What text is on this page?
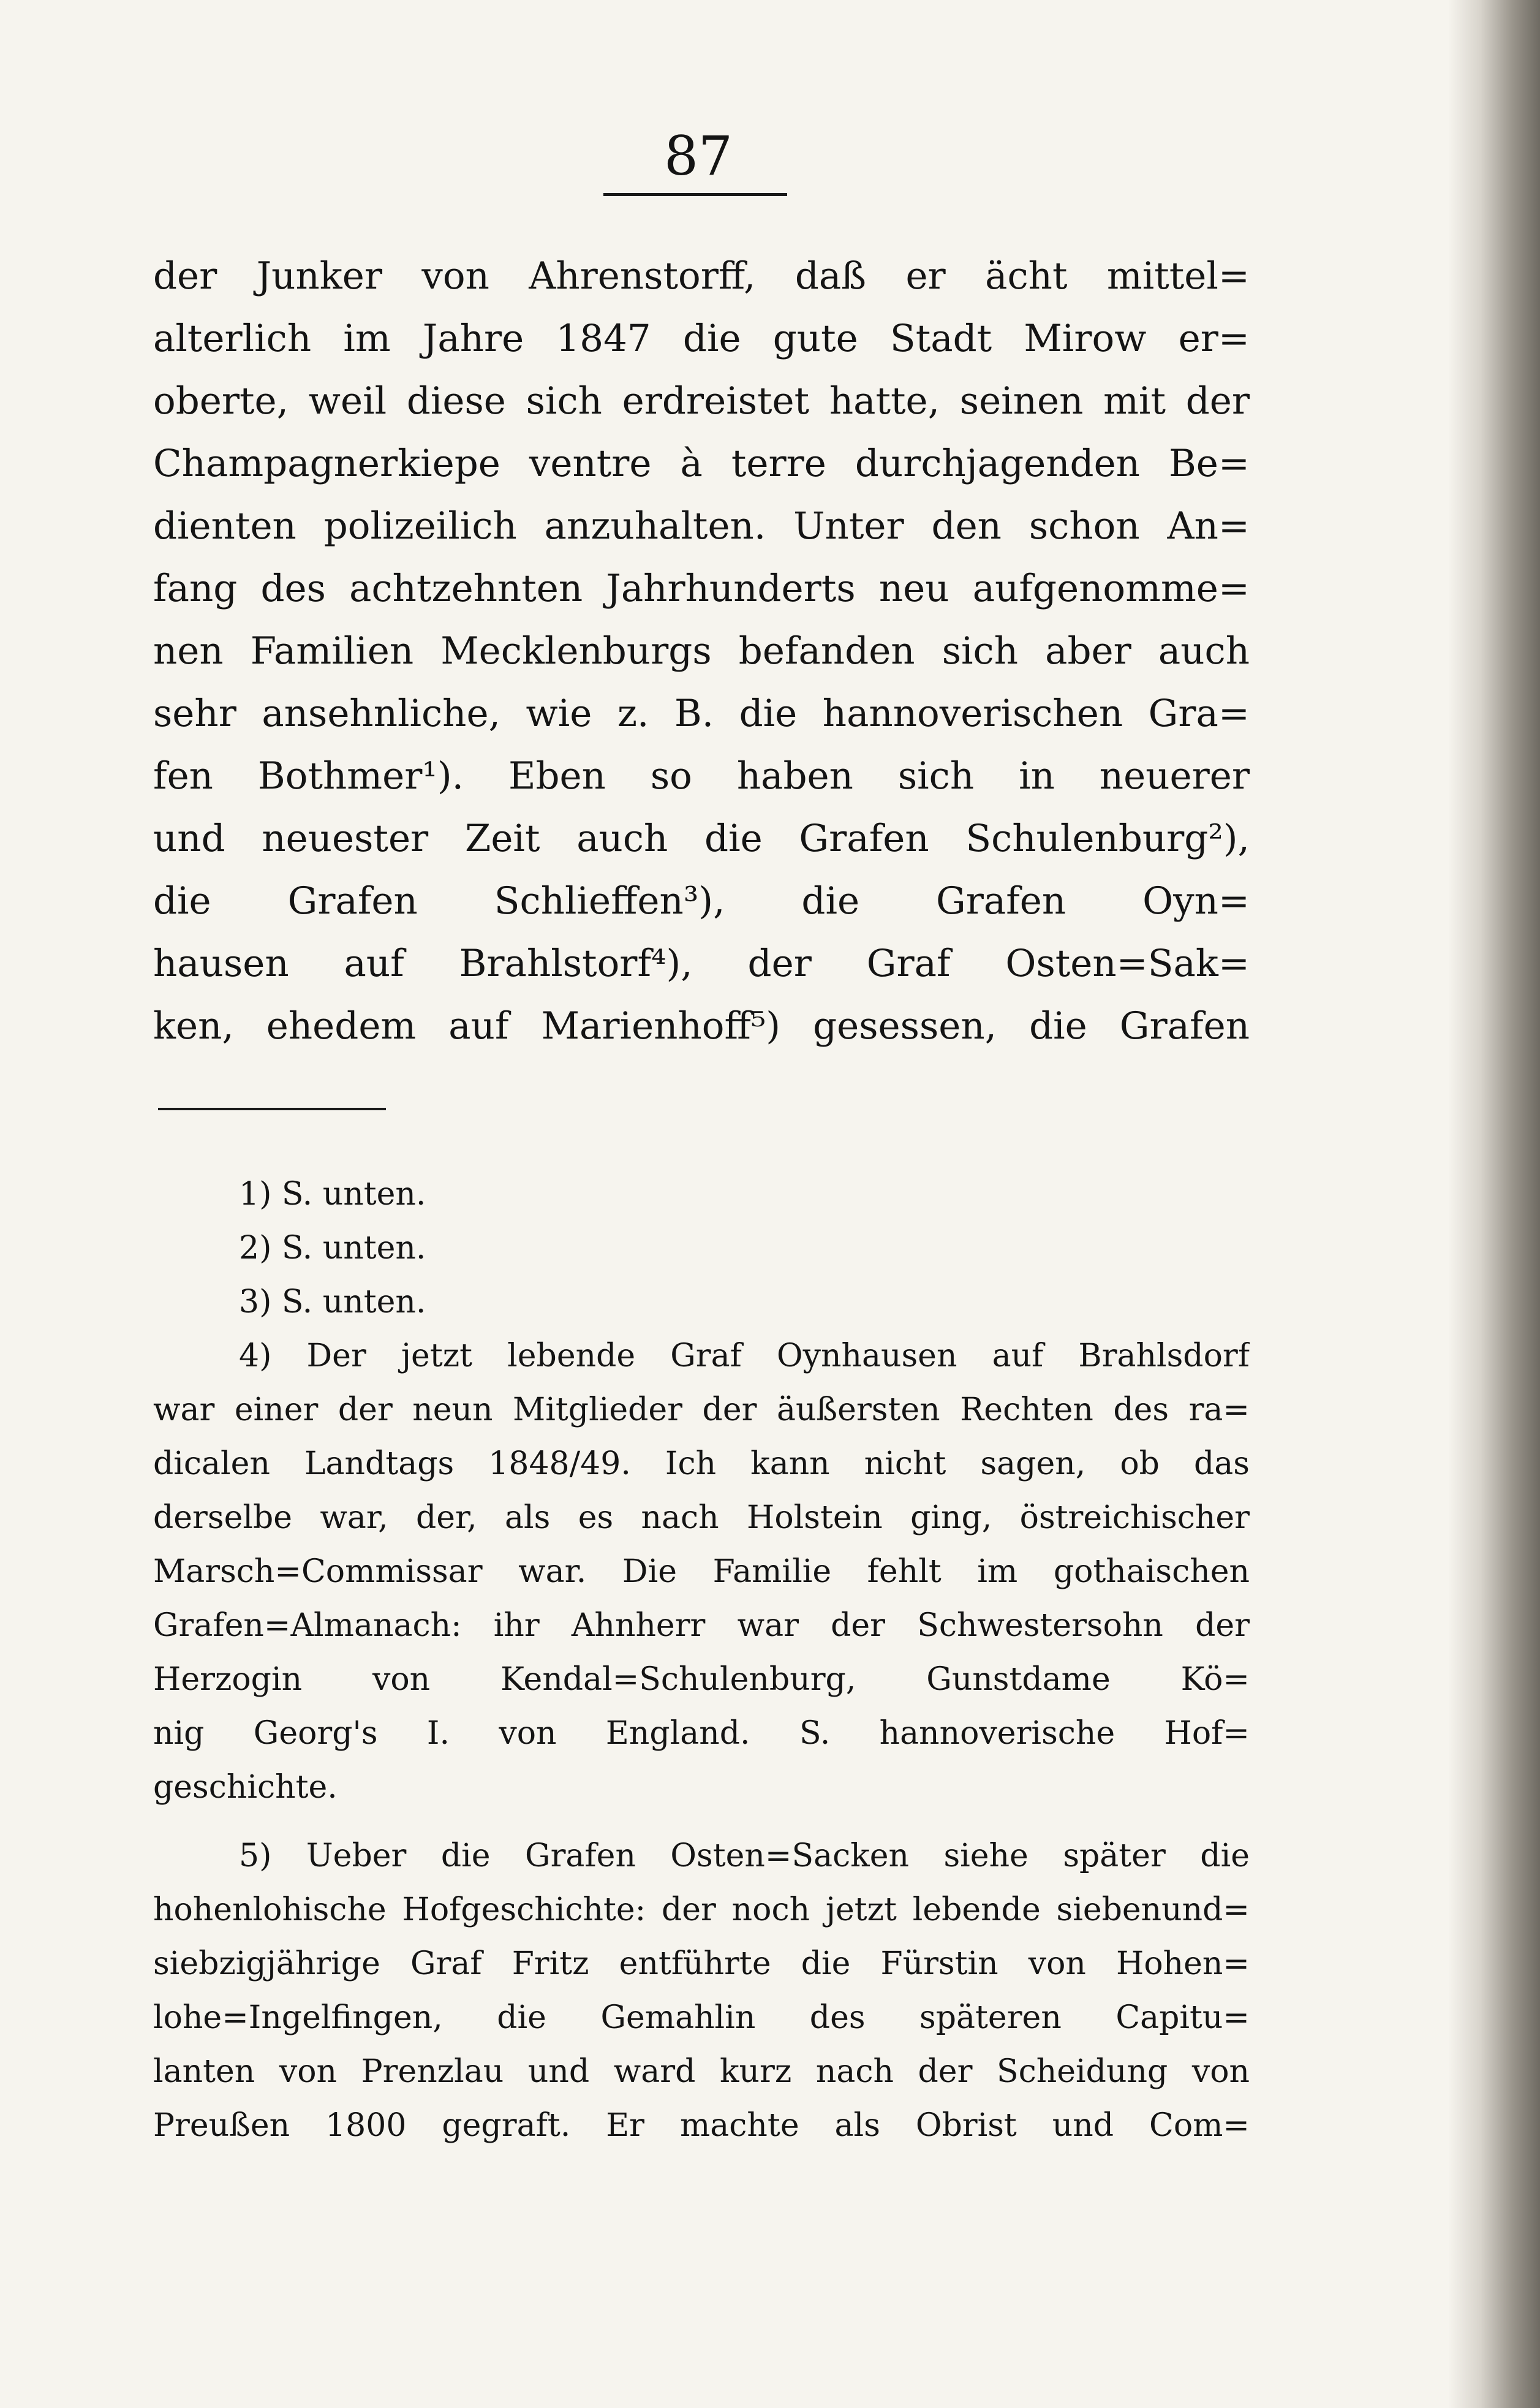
87
der Junker von Ahrenstorff, daß er ächt mittel=
alterlich im Jahre 1847 die gute Stadt Mirow er=
oberte, weil diese sich erdreistet hatte, seinen mit der
Champagnerkiepe ventre à terre durchjagenden Be=
dienten polizeilich anzuhalten. Unter den schon An=
fang des achtzehnten Jahrhunderts neu aufgenomme=
nen Familien Mecklenburgs befanden sich aber auch
sehr ansehnliche, wie z. B. die hannoverischen Gra=
fen Bothmer¹). Eben so haben sich in neuerer
und neuester Zeit auch die Grafen Schulenburg²),
die Grafen Schlieffen³), die Grafen Oyn=
hausen auf Brahlstorf⁴), der Graf Osten=Sak=
ken, ehedem auf Marienhoff⁵) gesessen, die Grafen
1) S. unten.
2) S. unten.
3) S. unten.
4) Der jetzt lebende Graf Oynhausen auf Brahlsdorf
war einer der neun Mitglieder der äußersten Rechten des ra=
dicalen Landtags 1848/49. Ich kann nicht sagen, ob das
derselbe war, der, als es nach Holstein ging, östreichischer
Marsch=Commissar war. Die Familie fehlt im gothaischen
Grafen=Almanach: ihr Ahnherr war der Schwestersohn der
Herzogin von Kendal=Schulenburg, Gunstdame Kö=
nig Georg's I. von England. S. hannoverische Hof=
geschichte.
5) Ueber die Grafen Osten=Sacken siehe später die
hohenlohische Hofgeschichte: der noch jetzt lebende siebenund=
siebzigjährige Graf Fritz entführte die Fürstin von Hohen=
lohe=Ingelfingen, die Gemahlin des späteren Capitu=
lanten von Prenzlau und ward kurz nach der Scheidung von
Preußen 1800 gegraft. Er machte als Obrist und Com=
